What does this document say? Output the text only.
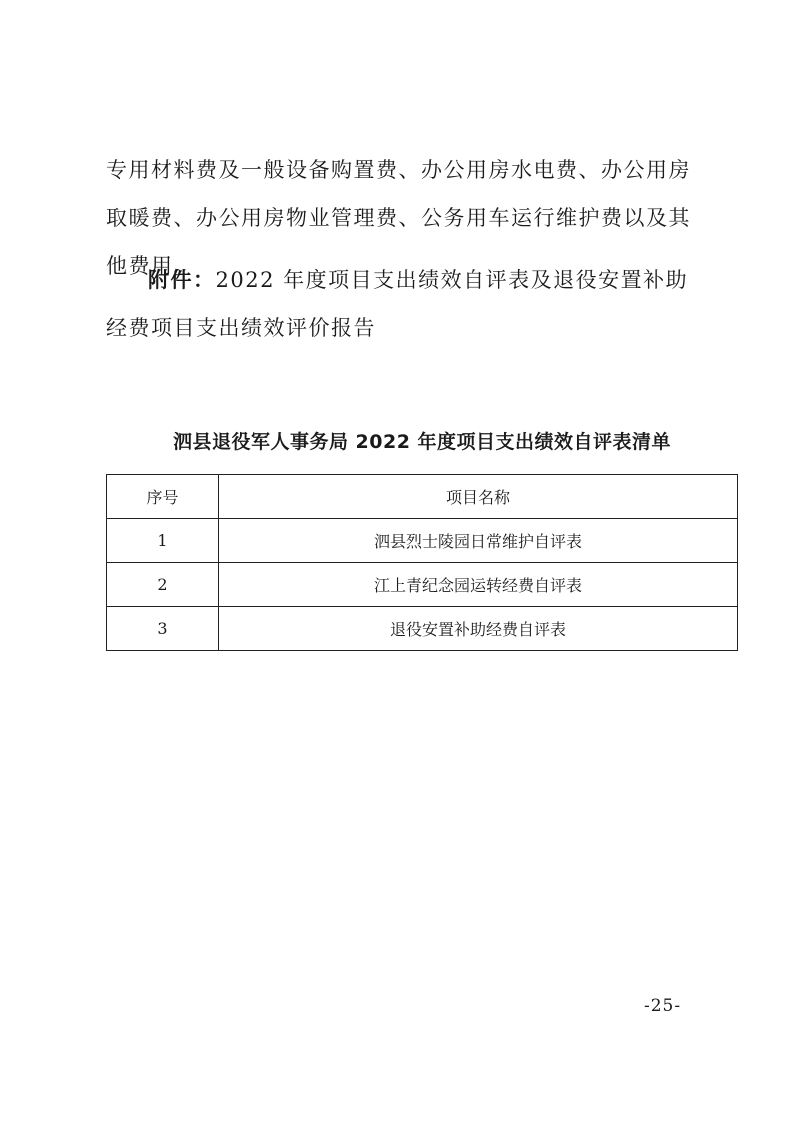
专用材料费及一般设备购置费、办公用房水电费、办公用房取暖费、办公用房物业管理费、公务用车运行维护费以及其他费用。

附件：2022 年度项目支出绩效自评表及退役安置补助经费项目支出绩效评价报告

泗县退役军人事务局 2022 年度项目支出绩效自评表清单
序号	项目名称
1	泗县烈士陵园日常维护自评表
2	江上青纪念园运转经费自评表
3	退役安置补助经费自评表
-25-
